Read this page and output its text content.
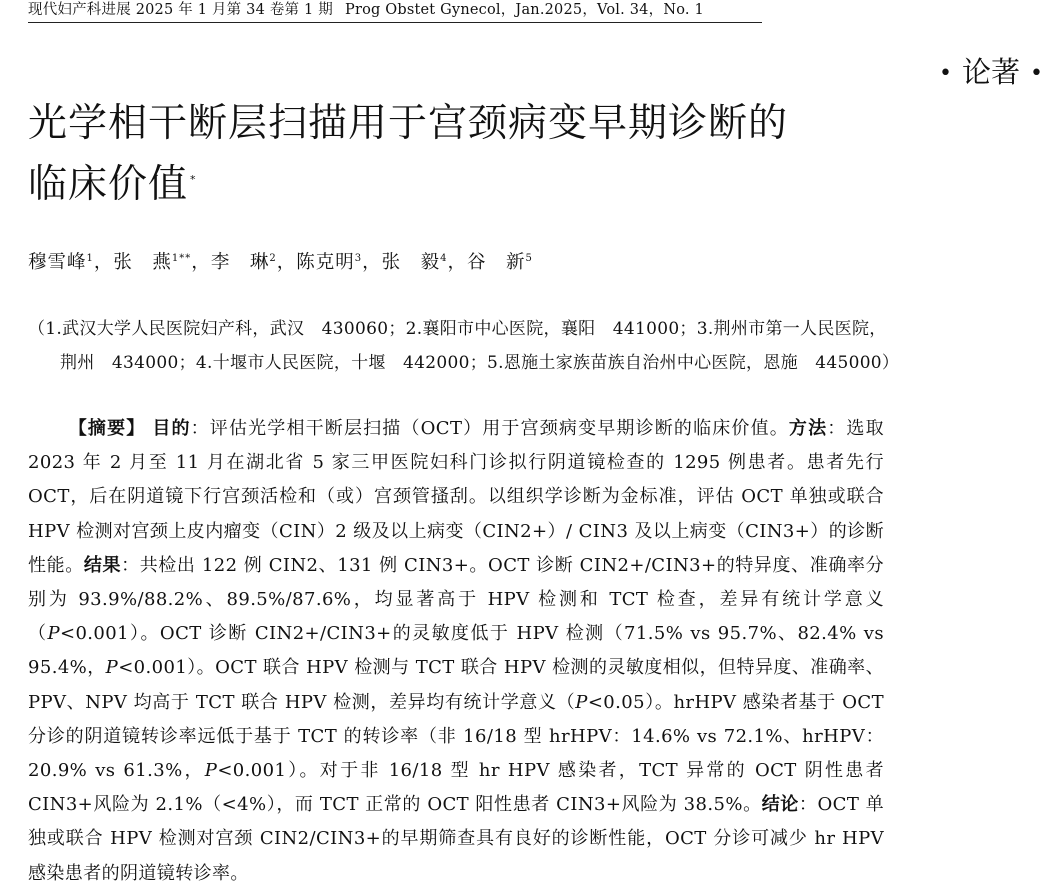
现代妇产科进展 2025 年 1 月第 34 卷第 1 期 Prog Obstet Gynecol，Jan.2025，Vol. 34，No. 1
• 论著 •
光学相干断层扫描用于宫颈病变早期诊断的
临床价值 *
穆雪峰$^1$，张　燕$^{1**}$，李　琳$^2$，陈克明$^3$，张　毅$^4$，谷　新$^5$
（1.武汉大学人民医院妇产科，武汉　430060；2.襄阳市中心医院，襄阳　441000；3.荆州市第一人民医院，
荆州　434000；4.十堰市人民医院，十堰　442000；5.恩施土家族苗族自治州中心医院，恩施　445000）
【摘要】 目的：评估光学相干断层扫描（OCT）用于宫颈病变早期诊断的临床价值。方法：选取 2023 年 2 月至 11 月在湖北省 5 家三甲医院妇科门诊拟行阴道镜检查的 1295 例患者。患者先行 OCT，后在阴道镜下行宫颈活检和（或）宫颈管搔刮。以组织学诊断为金标准，评估 OCT 单独或联合 HPV 检测对宫颈上皮内瘤变（CIN）2 级及以上病变（CIN2+）/ CIN3 及以上病变（CIN3+）的诊断性能。结果：共检出 122 例 CIN2、131 例 CIN3+。OCT 诊断 CIN2+/CIN3+的特异度、准确率分别为 93.9%/88.2%、89.5%/87.6%，均显著高于 HPV 检测和 TCT 检查，差异有统计学意义（P<0.001）。OCT 诊断 CIN2+/CIN3+的灵敏度低于 HPV 检测（71.5% vs 95.7%、82.4% vs 95.4%，P<0.001）。OCT 联合 HPV 检测与 TCT 联合 HPV 检测的灵敏度相似，但特异度、准确率、PPV、NPV 均高于 TCT 联合 HPV 检测，差异均有统计学意义（P<0.05）。hrHPV 感染者基于 OCT 分诊的阴道镜转诊率远低于基于 TCT 的转诊率（非 16/18 型 hrHPV：14.6% vs 72.1%、hrHPV：20.9% vs 61.3%，P<0.001）。对于非 16/18 型 hr HPV 感染者，TCT 异常的 OCT 阴性患者 CIN3+风险为 2.1%（<4%），而 TCT 正常的 OCT 阳性患者 CIN3+风险为 38.5%。结论：OCT 单独或联合 HPV 检测对宫颈 CIN2/CIN3+的早期筛查具有良好的诊断性能，OCT 分诊可减少 hr HPV 感染患者的阴道镜转诊率。
